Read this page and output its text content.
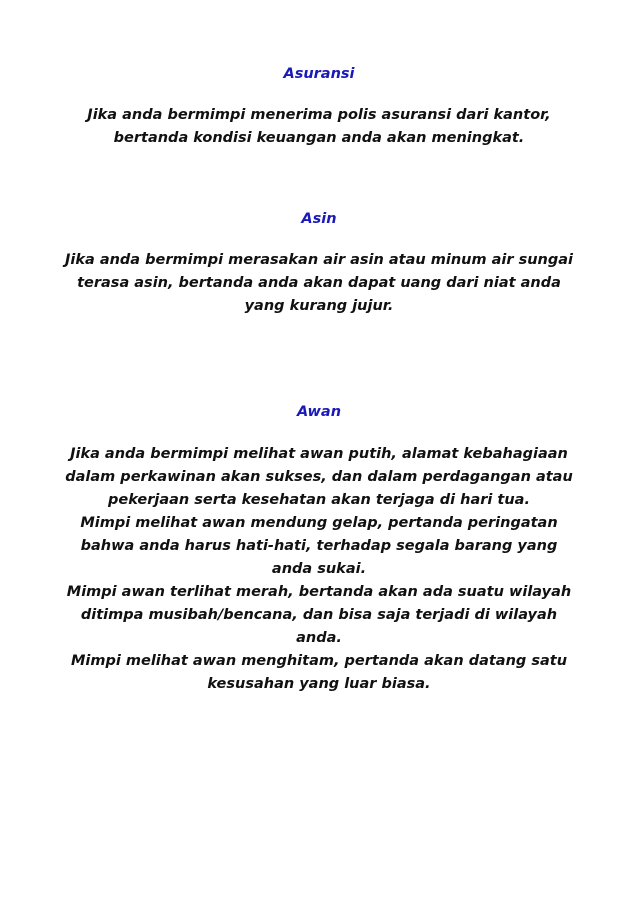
Asuransi

Jika anda bermimpi menerima polis asuransi dari kantor,
bertanda kondisi keuangan anda akan meningkat.

Asin

Jika anda bermimpi merasakan air asin atau minum air sungai
terasa asin, bertanda anda akan dapat uang dari niat anda
yang kurang jujur.

Awan

Jika anda bermimpi melihat awan putih, alamat kebahagiaan
dalam perkawinan akan sukses, dan dalam perdagangan atau
pekerjaan serta kesehatan akan terjaga di hari tua.
Mimpi melihat awan mendung gelap, pertanda peringatan
bahwa anda harus hati-hati, terhadap segala barang yang
anda sukai.
Mimpi awan terlihat merah, bertanda akan ada suatu wilayah
ditimpa musibah/bencana, dan bisa saja terjadi di wilayah
anda.
Mimpi melihat awan menghitam, pertanda akan datang satu
kesusahan yang luar biasa.
